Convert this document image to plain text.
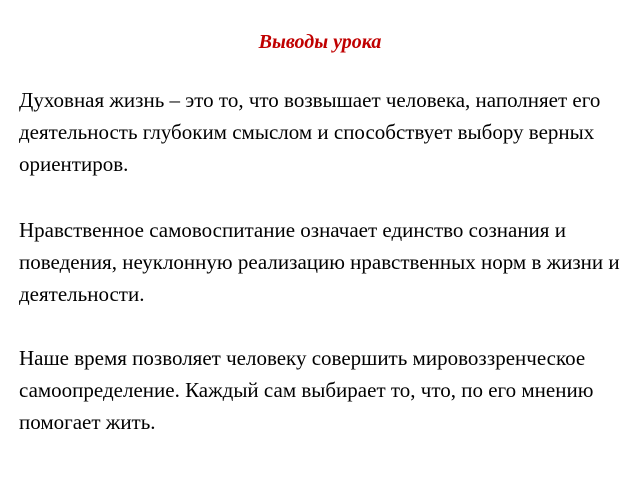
Выводы урока

Духовная жизнь – это то, что возвышает человека, наполняет его деятельность глубоким смыслом и способствует выбору верных ориентиров.

Нравственное самовоспитание означает единство сознания и поведения, неуклонную реализацию нравственных норм в жизни и деятельности.

Наше время позволяет человеку совершить мировоззренческое самоопределение. Каждый сам выбирает то, что, по его мнению помогает жить.
